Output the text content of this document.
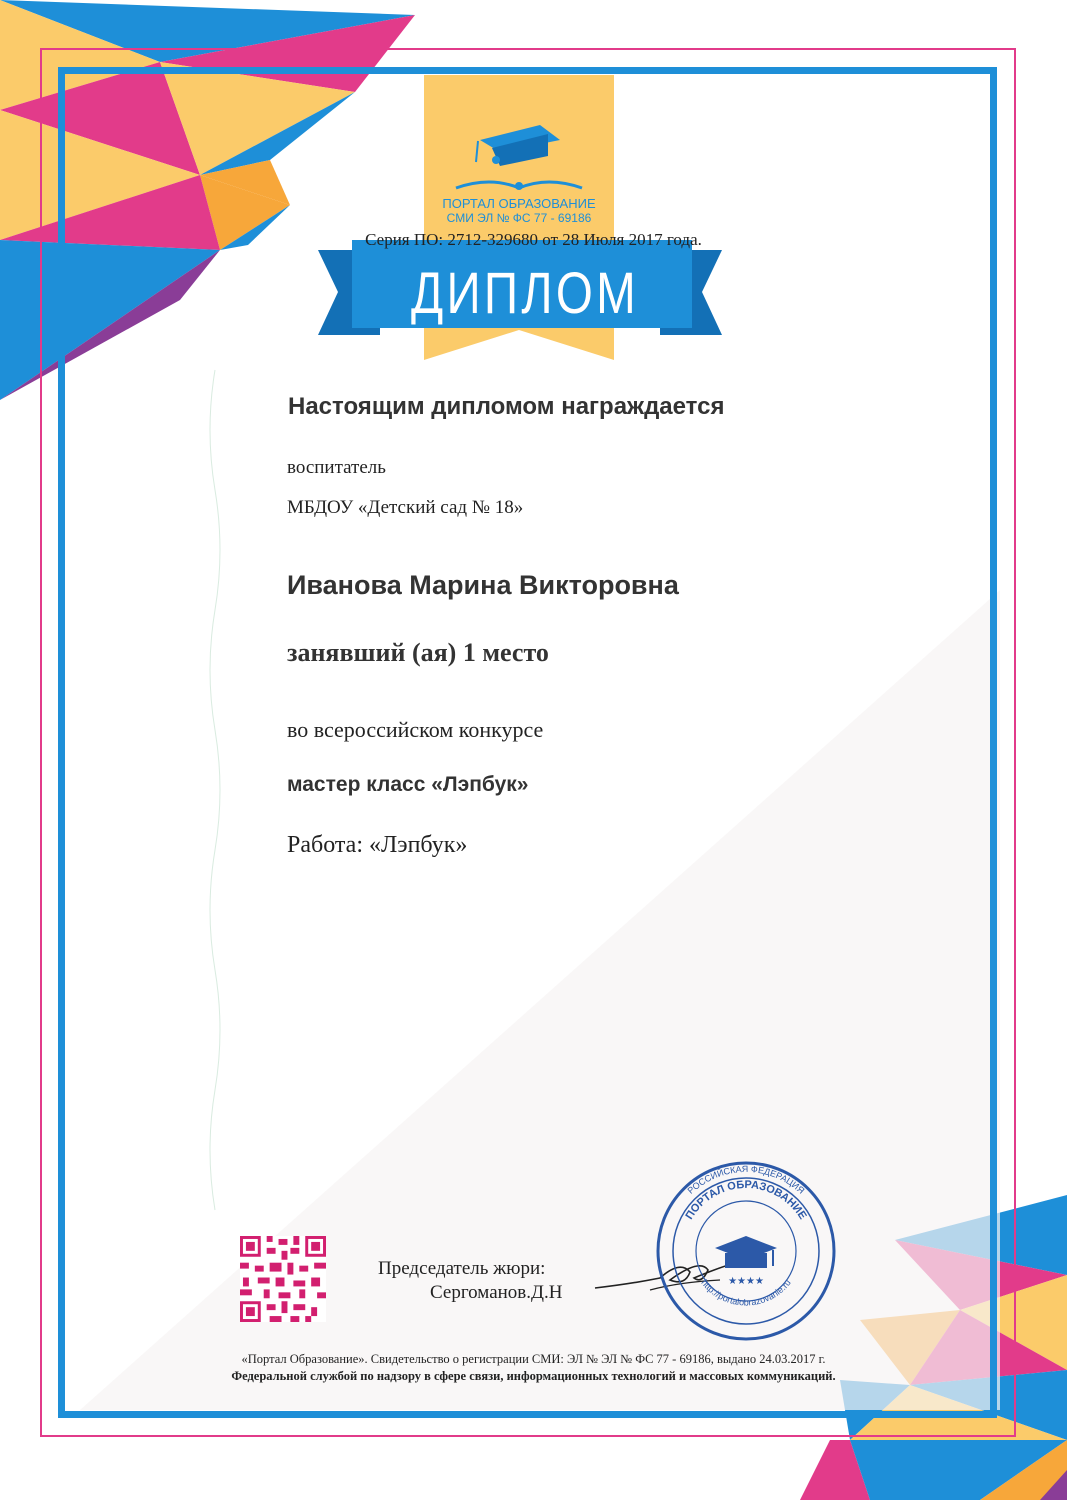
ПОРТАЛ ОБРАЗОВАНИЕ
СМИ ЭЛ № ФС 77 - 69186
Серия ПО: 2712-329680 от 28 Июля 2017 года.
ДИПЛОМ
Настоящим дипломом награждается
воспитатель
МБДОУ «Детский сад № 18»
Иванова Марина Викторовна
занявший (ая) 1 место
во всероссийском конкурсе
мастер класс «Лэпбук»
Работа: «Лэпбук»
Председатель жюри:
Сергоманов.Д.Н
ПОРТАЛ ОБРАЗОВАНИЕ
РОССИЙСКАЯ ФЕДЕРАЦИЯ
http://portalobrazovanie.ru
★★★★
«Портал Образование». Свидетельство о регистрации СМИ: ЭЛ № ЭЛ № ФС 77 - 69186, выдано 24.03.2017 г.
Федеральной службой по надзору в сфере связи, информационных технологий и массовых коммуникаций.
